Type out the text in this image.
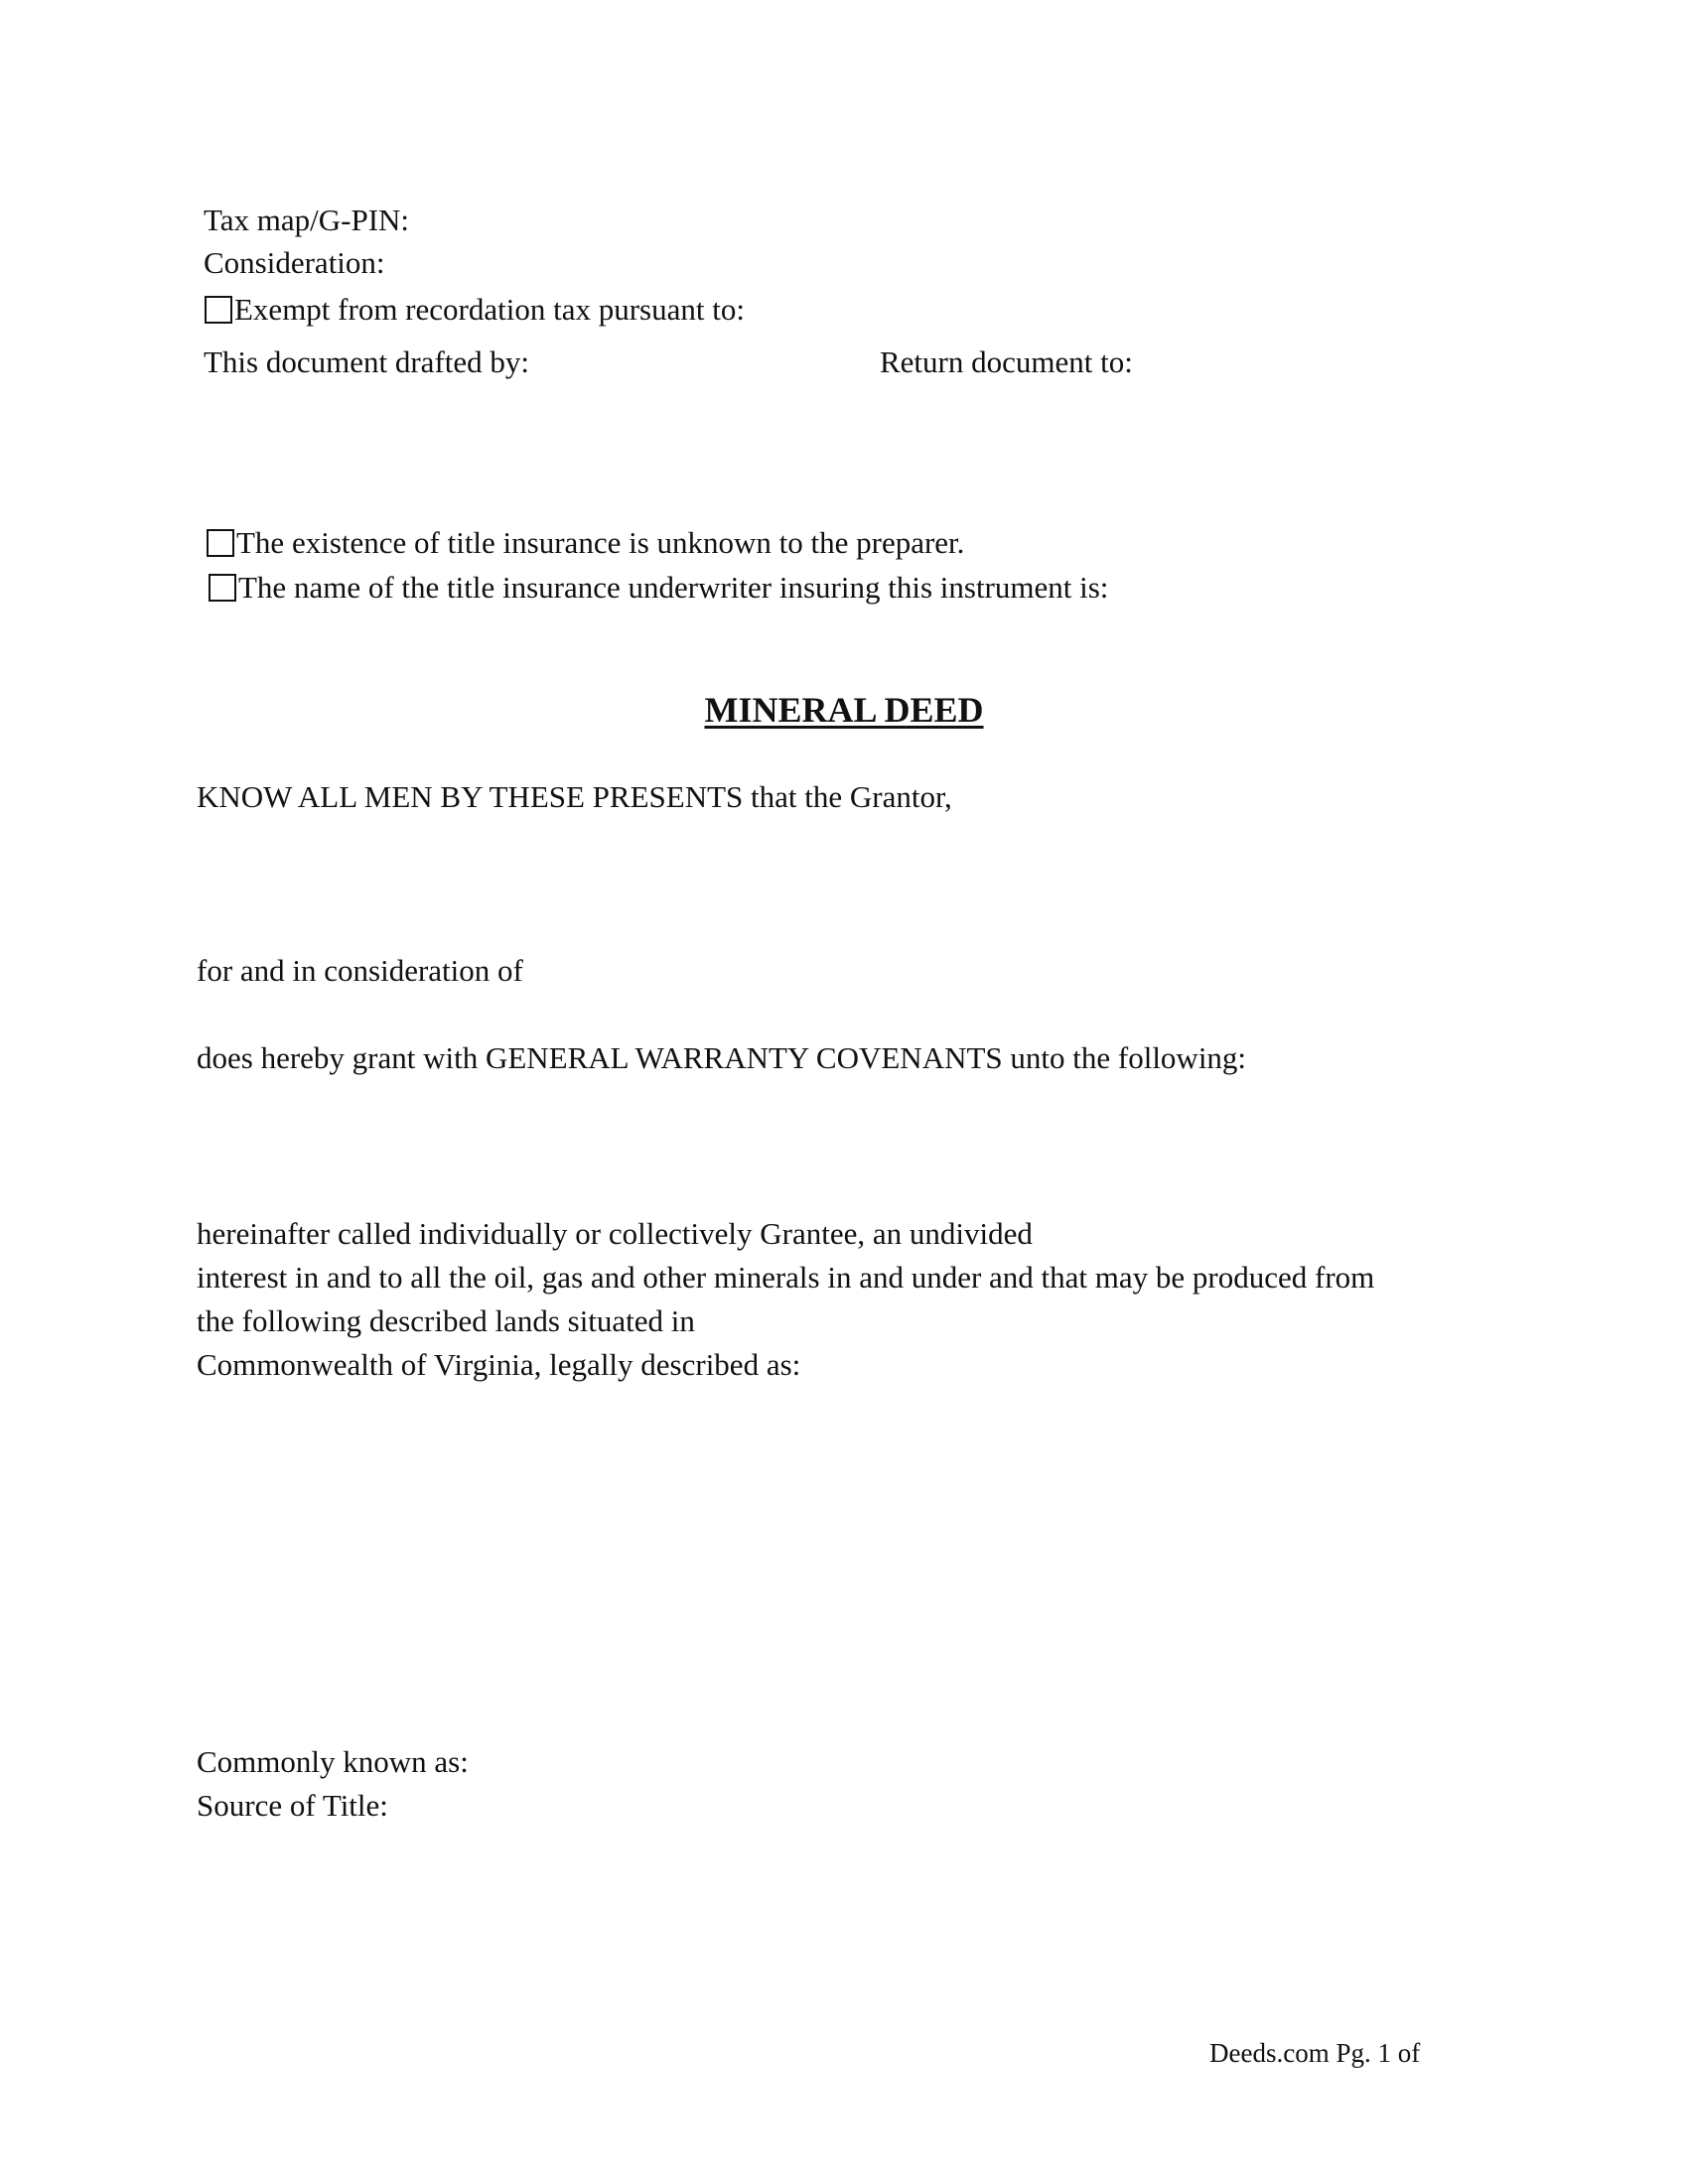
Tax map/G-PIN:
Consideration:
Exempt from recordation tax pursuant to:
This document drafted by:	Return document to:
The existence of title insurance is unknown to the preparer.
The name of the title insurance underwriter insuring this instrument is:
MINERAL DEED
KNOW ALL MEN BY THESE PRESENTS that the Grantor,
for and in consideration of
does hereby grant with GENERAL WARRANTY COVENANTS unto the following:
hereinafter called individually or collectively Grantee, an undivided
interest in and to all the oil, gas and other minerals in and under and that may be produced from
the following described lands situated in
Commonwealth of Virginia, legally described as:
Commonly known as:
Source of Title:
Deeds.com Pg. 1 of
